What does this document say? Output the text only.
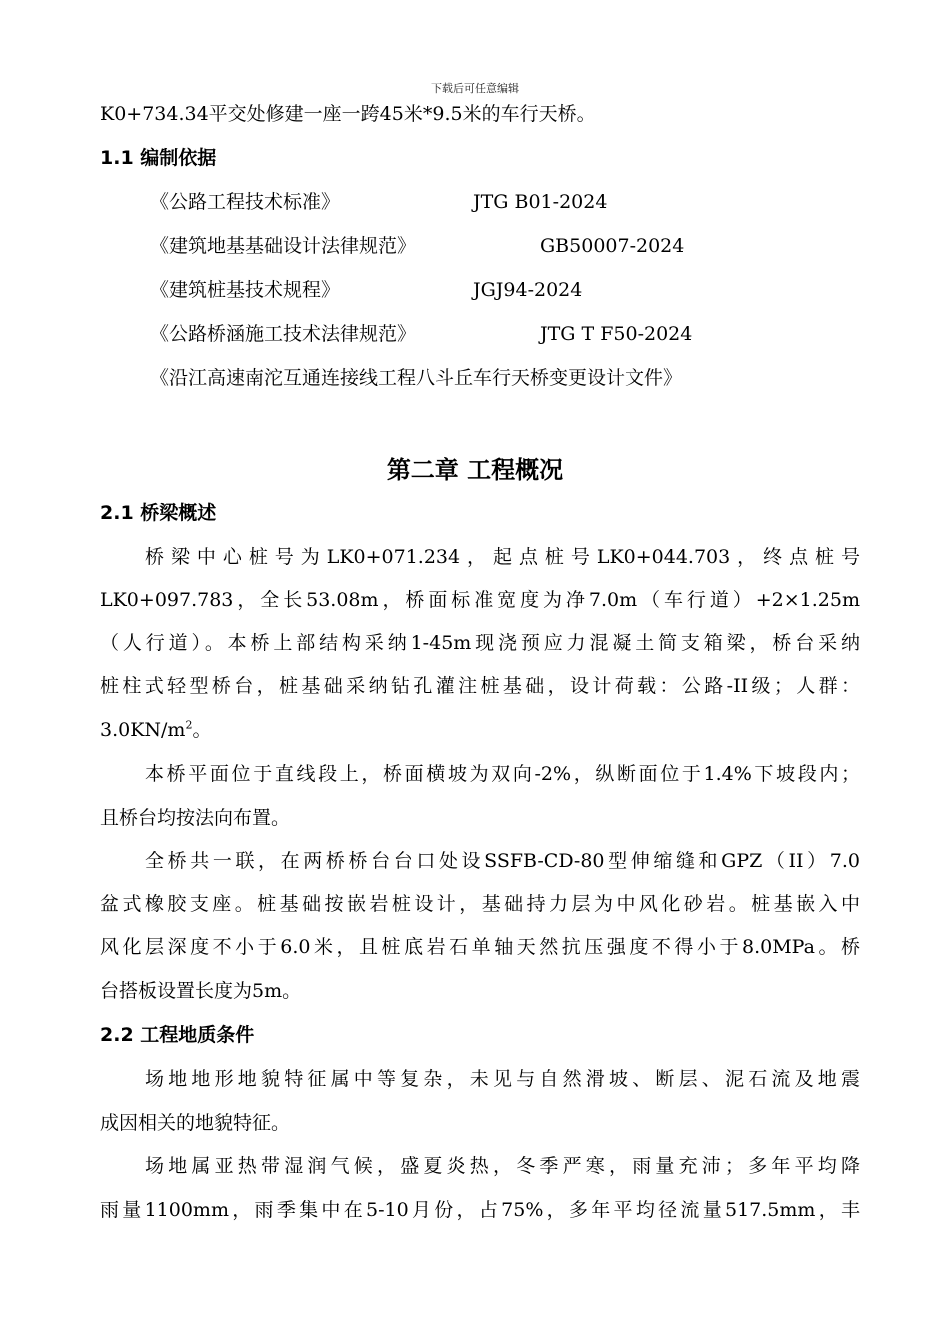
下载后可任意编辑
K0+734.34平交处修建一座一跨45米*9.5米的车行天桥。
1.1 编制依据
《公路工程技术标准》	JTG B01-2024
《建筑地基基础设计法律规范》	GB50007-2024
《建筑桩基技术规程》	JGJ94-2024
《公路桥涵施工技术法律规范》	JTG T F50-2024
《沿江高速南沱互通连接线工程八斗丘车行天桥变更设计文件》
第二章 工程概况
2.1 桥梁概述
桥梁中心桩号为LK0+071.234，起点桩号LK0+044.703，终点桩号
LK0+097.783，全长53.08m，桥面标准宽度为净7.0m（车行道）+2×1.25m
（人行道）。本桥上部结构采纳1-45m现浇预应力混凝土简支箱梁，桥台采纳
桩柱式轻型桥台，桩基础采纳钻孔灌注桩基础，设计荷载：公路-II级；人群：
$3.0KN/m^2$。
本桥平面位于直线段上，桥面横坡为双向-2%，纵断面位于1.4%下坡段内；
且桥台均按法向布置。
全桥共一联，在两桥桥台台口处设SSFB-CD-80型伸缩缝和GPZ（II）7.0
盆式橡胶支座。桩基础按嵌岩桩设计，基础持力层为中风化砂岩。桩基嵌入中
风化层深度不小于6.0米，且桩底岩石单轴天然抗压强度不得小于8.0MPa。桥
台搭板设置长度为5m。
2.2 工程地质条件
场地地形地貌特征属中等复杂，未见与自然滑坡、断层、泥石流及地震
成因相关的地貌特征。
场地属亚热带湿润气候，盛夏炎热，冬季严寒，雨量充沛；多年平均降
雨量1100mm，雨季集中在5-10月份，占75%，多年平均径流量517.5mm，丰
